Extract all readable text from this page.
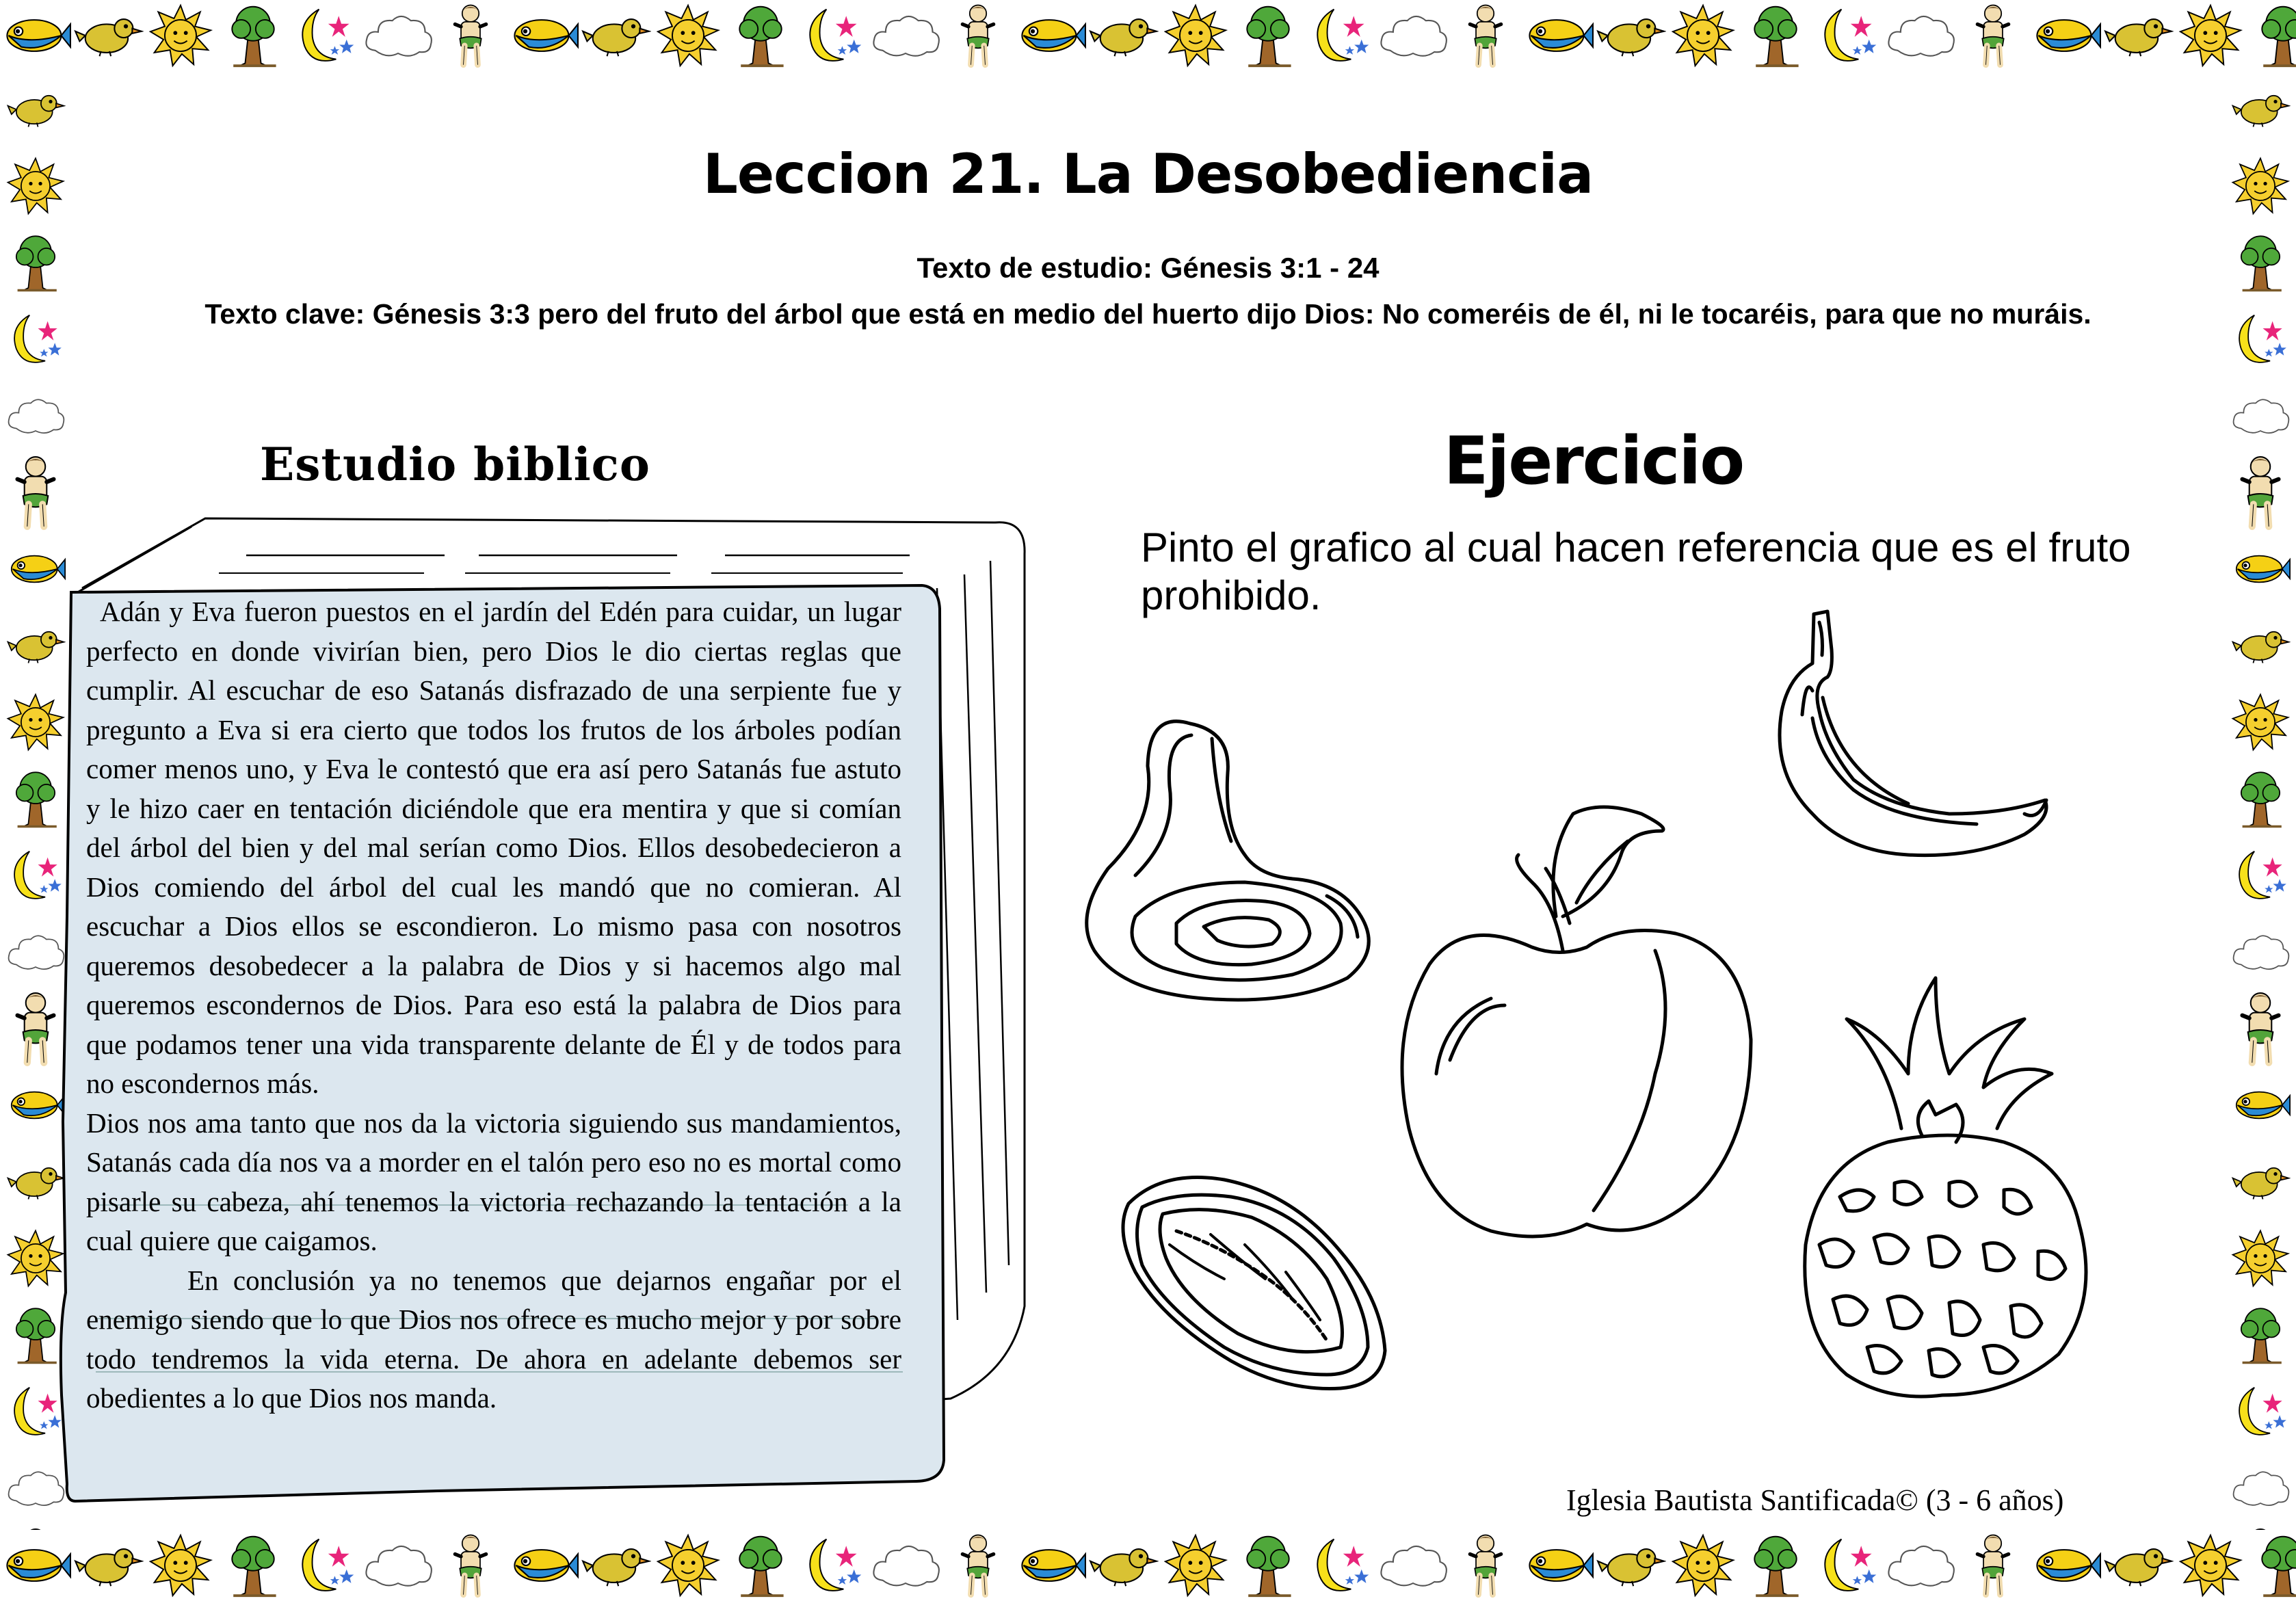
Leccion 21. La Desobediencia
Texto de estudio: Génesis 3:1 - 24
Texto clave: Génesis 3:3 pero del fruto del árbol que está en medio del huerto dijo Dios: No comeréis de él, ni le tocaréis, para que no muráis.
Estudio biblico

Adán y Eva fueron puestos en el jardín del Edén para cuidar, un lugar perfecto en donde vivirían bien, pero Dios le dio ciertas reglas que cumplir. Al escuchar de eso Satanás disfrazado de una serpiente fue y pregunto a Eva si era cierto que todos los frutos de los árboles podían comer menos uno, y Eva le contestó que era así pero Satanás fue astuto y le hizo caer en tentación diciéndole que era mentira y que si comían del árbol del bien y del mal serían como Dios. Ellos desobedecieron a Dios comiendo del árbol del cual les mandó que no comieran. Al escuchar a Dios ellos se escondieron. Lo mismo pasa con nosotros queremos desobedecer a la palabra de Dios y si hacemos algo mal queremos escondernos de Dios. Para eso está la palabra de Dios para que podamos tener una vida transparente delante de Él y de todos para no escondernos más.

Dios nos ama tanto que nos da la victoria siguiendo sus mandamientos, Satanás cada día nos va a morder en el talón pero eso no es mortal como pisarle su cabeza, ahí tenemos la victoria rechazando la tentación a la cual quiere que caigamos.

En conclusión ya no tenemos que dejarnos engañar por el enemigo siendo que lo que Dios nos ofrece es mucho mejor y por sobre todo tendremos la vida eterna. De ahora en adelante debemos ser obedientes a lo que Dios nos manda.

Ejercicio
Pinto el grafico al cual hacen referencia que es el fruto prohibido.
Iglesia Bautista Santificada© (3 - 6 años)
